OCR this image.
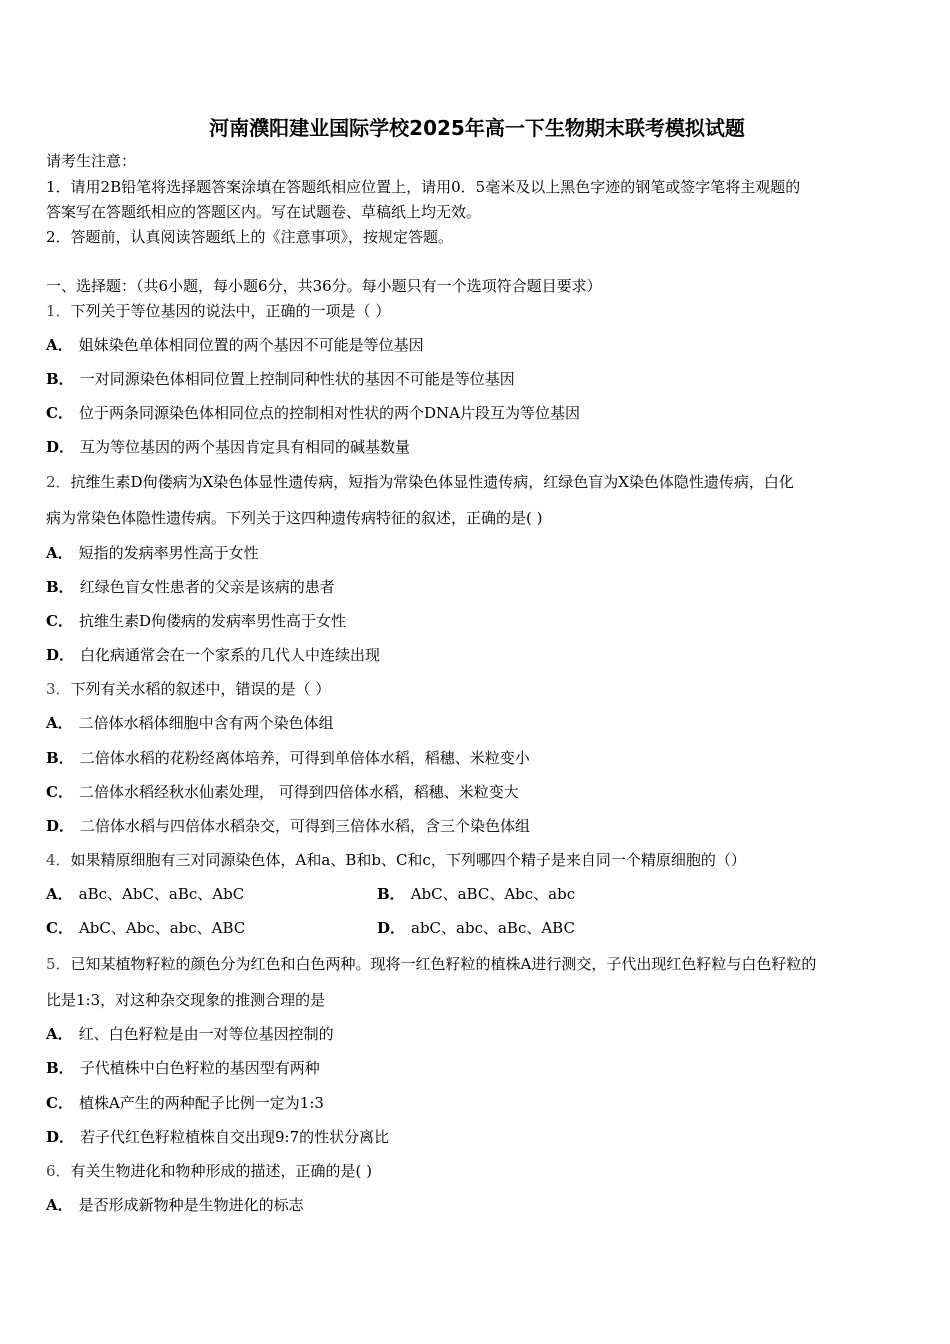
河南濮阳建业国际学校2025年高一下生物期末联考模拟试题
请考生注意：
1．请用2B铅笔将选择题答案涂填在答题纸相应位置上，请用0．5毫米及以上黑色字迹的钢笔或签字笔将主观题的
答案写在答题纸相应的答题区内。写在试题卷、草稿纸上均无效。
2．答题前，认真阅读答题纸上的《注意事项》，按规定答题。
一、选择题：（共6小题，每小题6分，共36分。每小题只有一个选项符合题目要求）
1．下列关于等位基因的说法中，正确的一项是（ ）
A． 姐妹染色单体相同位置的两个基因不可能是等位基因
B． 一对同源染色体相同位置上控制同种性状的基因不可能是等位基因
C． 位于两条同源染色体相同位点的控制相对性状的两个DNA片段互为等位基因
D． 互为等位基因的两个基因肯定具有相同的碱基数量
2．抗维生素D佝偻病为X染色体显性遗传病，短指为常染色体显性遗传病，红绿色盲为X染色体隐性遗传病，白化
病为常染色体隐性遗传病。下列关于这四种遗传病特征的叙述，正确的是( )
A． 短指的发病率男性高于女性
B． 红绿色盲女性患者的父亲是该病的患者
C． 抗维生素D佝偻病的发病率男性高于女性
D． 白化病通常会在一个家系的几代人中连续出现
3．下列有关水稻的叙述中，错误的是（ ）
A． 二倍体水稻体细胞中含有两个染色体组
B． 二倍体水稻的花粉经离体培养，可得到单倍体水稻，稻穗、米粒变小
C． 二倍体水稻经秋水仙素处理， 可得到四倍体水稻，稻穗、米粒变大
D． 二倍体水稻与四倍体水稻杂交，可得到三倍体水稻，含三个染色体组
4．如果精原细胞有三对同源染色体，A和a、B和b、C和c，下列哪四个精子是来自同一个精原细胞的（）
A． aBc、AbC、aBc、AbC	B． AbC、aBC、Abc、abc
C． AbC、Abc、abc、ABC	D． abC、abc、aBc、ABC
5．已知某植物籽粒的颜色分为红色和白色两种。现将一红色籽粒的植株A进行测交，子代出现红色籽粒与白色籽粒的
比是1:3，对这种杂交现象的推测合理的是
A． 红、白色籽粒是由一对等位基因控制的
B． 子代植株中白色籽粒的基因型有两种
C． 植株A产生的两种配子比例一定为1:3
D． 若子代红色籽粒植株自交出现9:7的性状分离比
6．有关生物进化和物种形成的描述，正确的是( )
A． 是否形成新物种是生物进化的标志
